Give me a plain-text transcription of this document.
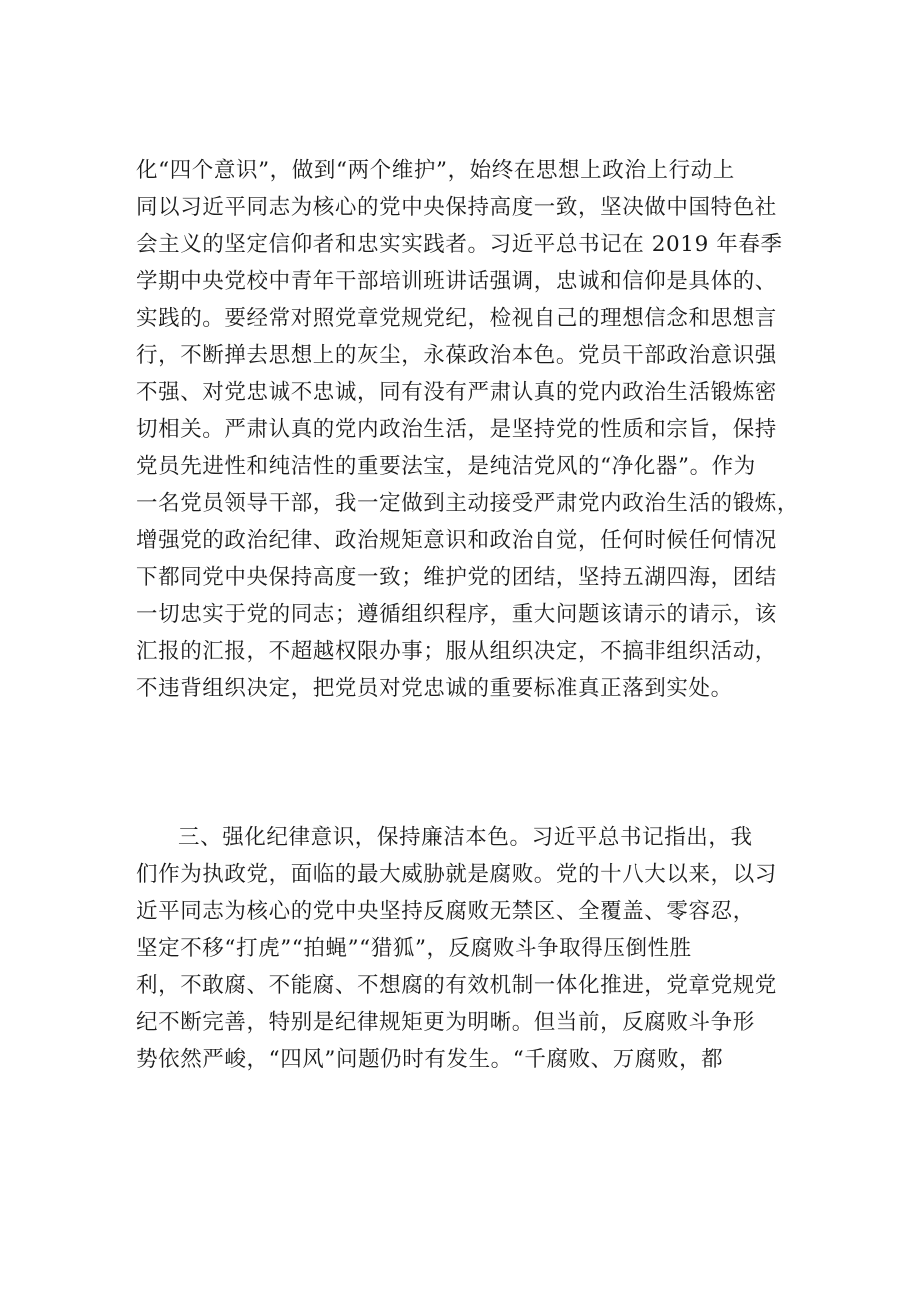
化“四个意识”，做到“两个维护”，始终在思想上政治上行动上
同以习近平同志为核心的党中央保持高度一致，坚决做中国特色社
会主义的坚定信仰者和忠实实践者。习近平总书记在 2019 年春季
学期中央党校中青年干部培训班讲话强调，忠诚和信仰是具体的、
实践的。要经常对照党章党规党纪，检视自己的理想信念和思想言
行，不断掸去思想上的灰尘，永葆政治本色。党员干部政治意识强
不强、对党忠诚不忠诚，同有没有严肃认真的党内政治生活锻炼密
切相关。严肃认真的党内政治生活，是坚持党的性质和宗旨，保持
党员先进性和纯洁性的重要法宝，是纯洁党风的“净化器”。作为
一名党员领导干部，我一定做到主动接受严肃党内政治生活的锻炼，
增强党的政治纪律、政治规矩意识和政治自觉，任何时候任何情况
下都同党中央保持高度一致；维护党的团结，坚持五湖四海，团结
一切忠实于党的同志；遵循组织程序，重大问题该请示的请示，该
汇报的汇报，不超越权限办事；服从组织决定，不搞非组织活动，
不违背组织决定，把党员对党忠诚的重要标准真正落到实处。
三、强化纪律意识，保持廉洁本色。习近平总书记指出，我
们作为执政党，面临的最大威胁就是腐败。党的十八大以来，以习
近平同志为核心的党中央坚持反腐败无禁区、全覆盖、零容忍，
坚定不移“打虎”“拍蝇”“猎狐”，反腐败斗争取得压倒性胜
利，不敢腐、不能腐、不想腐的有效机制一体化推进，党章党规党
纪不断完善，特别是纪律规矩更为明晰。但当前，反腐败斗争形
势依然严峻，“四风”问题仍时有发生。“千腐败、万腐败，都
